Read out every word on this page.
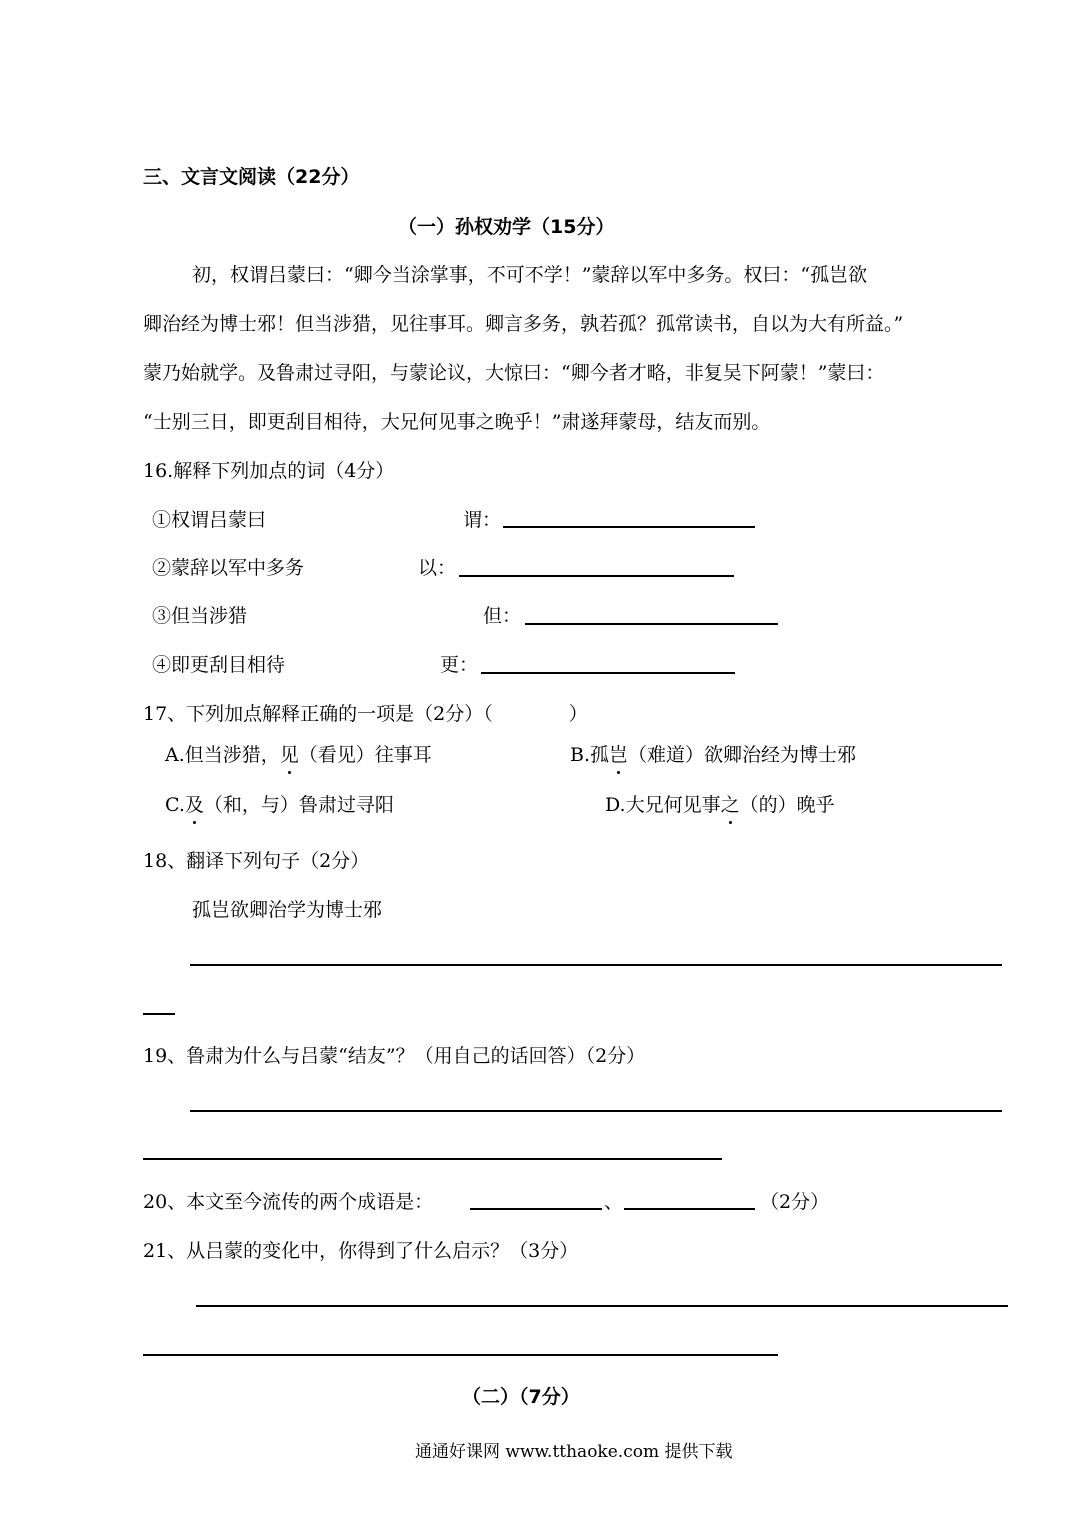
三、文言文阅读（22分）
（一）孙权劝学（15分）
初，权谓吕蒙曰：“卿今当涂掌事，不可不学！”蒙辞以军中多务。权曰：“孤岂欲
卿治经为博士邪！但当涉猎，见往事耳。卿言多务，孰若孤？孤常读书，自以为大有所益。”
蒙乃始就学。及鲁肃过寻阳，与蒙论议，大惊曰：“卿今者才略，非复吴下阿蒙！”蒙曰：
“士别三日，即更刮目相待，大兄何见事之晚乎！”肃遂拜蒙母，结友而别。
16.解释下列加点的词（4分）
①权谓吕蒙曰	谓：
②蒙辞以军中多务	以：
③但当涉猎	但：
④即更刮目相待	更：
17、下列加点解释正确的一项是（2分）（　　　　）
A.但当涉猎，见（看见）往事耳	B.孤岂（难道）欲卿治经为博士邪
C.及（和，与）鲁肃过寻阳	D.大兄何见事之（的）晚乎
18、翻译下列句子（2分）
孤岂欲卿治学为博士邪
19、鲁肃为什么与吕蒙“结友”？（用自己的话回答）（2分）
20、本文至今流传的两个成语是：	、	（2分）
21、从吕蒙的变化中，你得到了什么启示？（3分）
（二）（7分）
通通好课网 www.tthaoke.com 提供下载
